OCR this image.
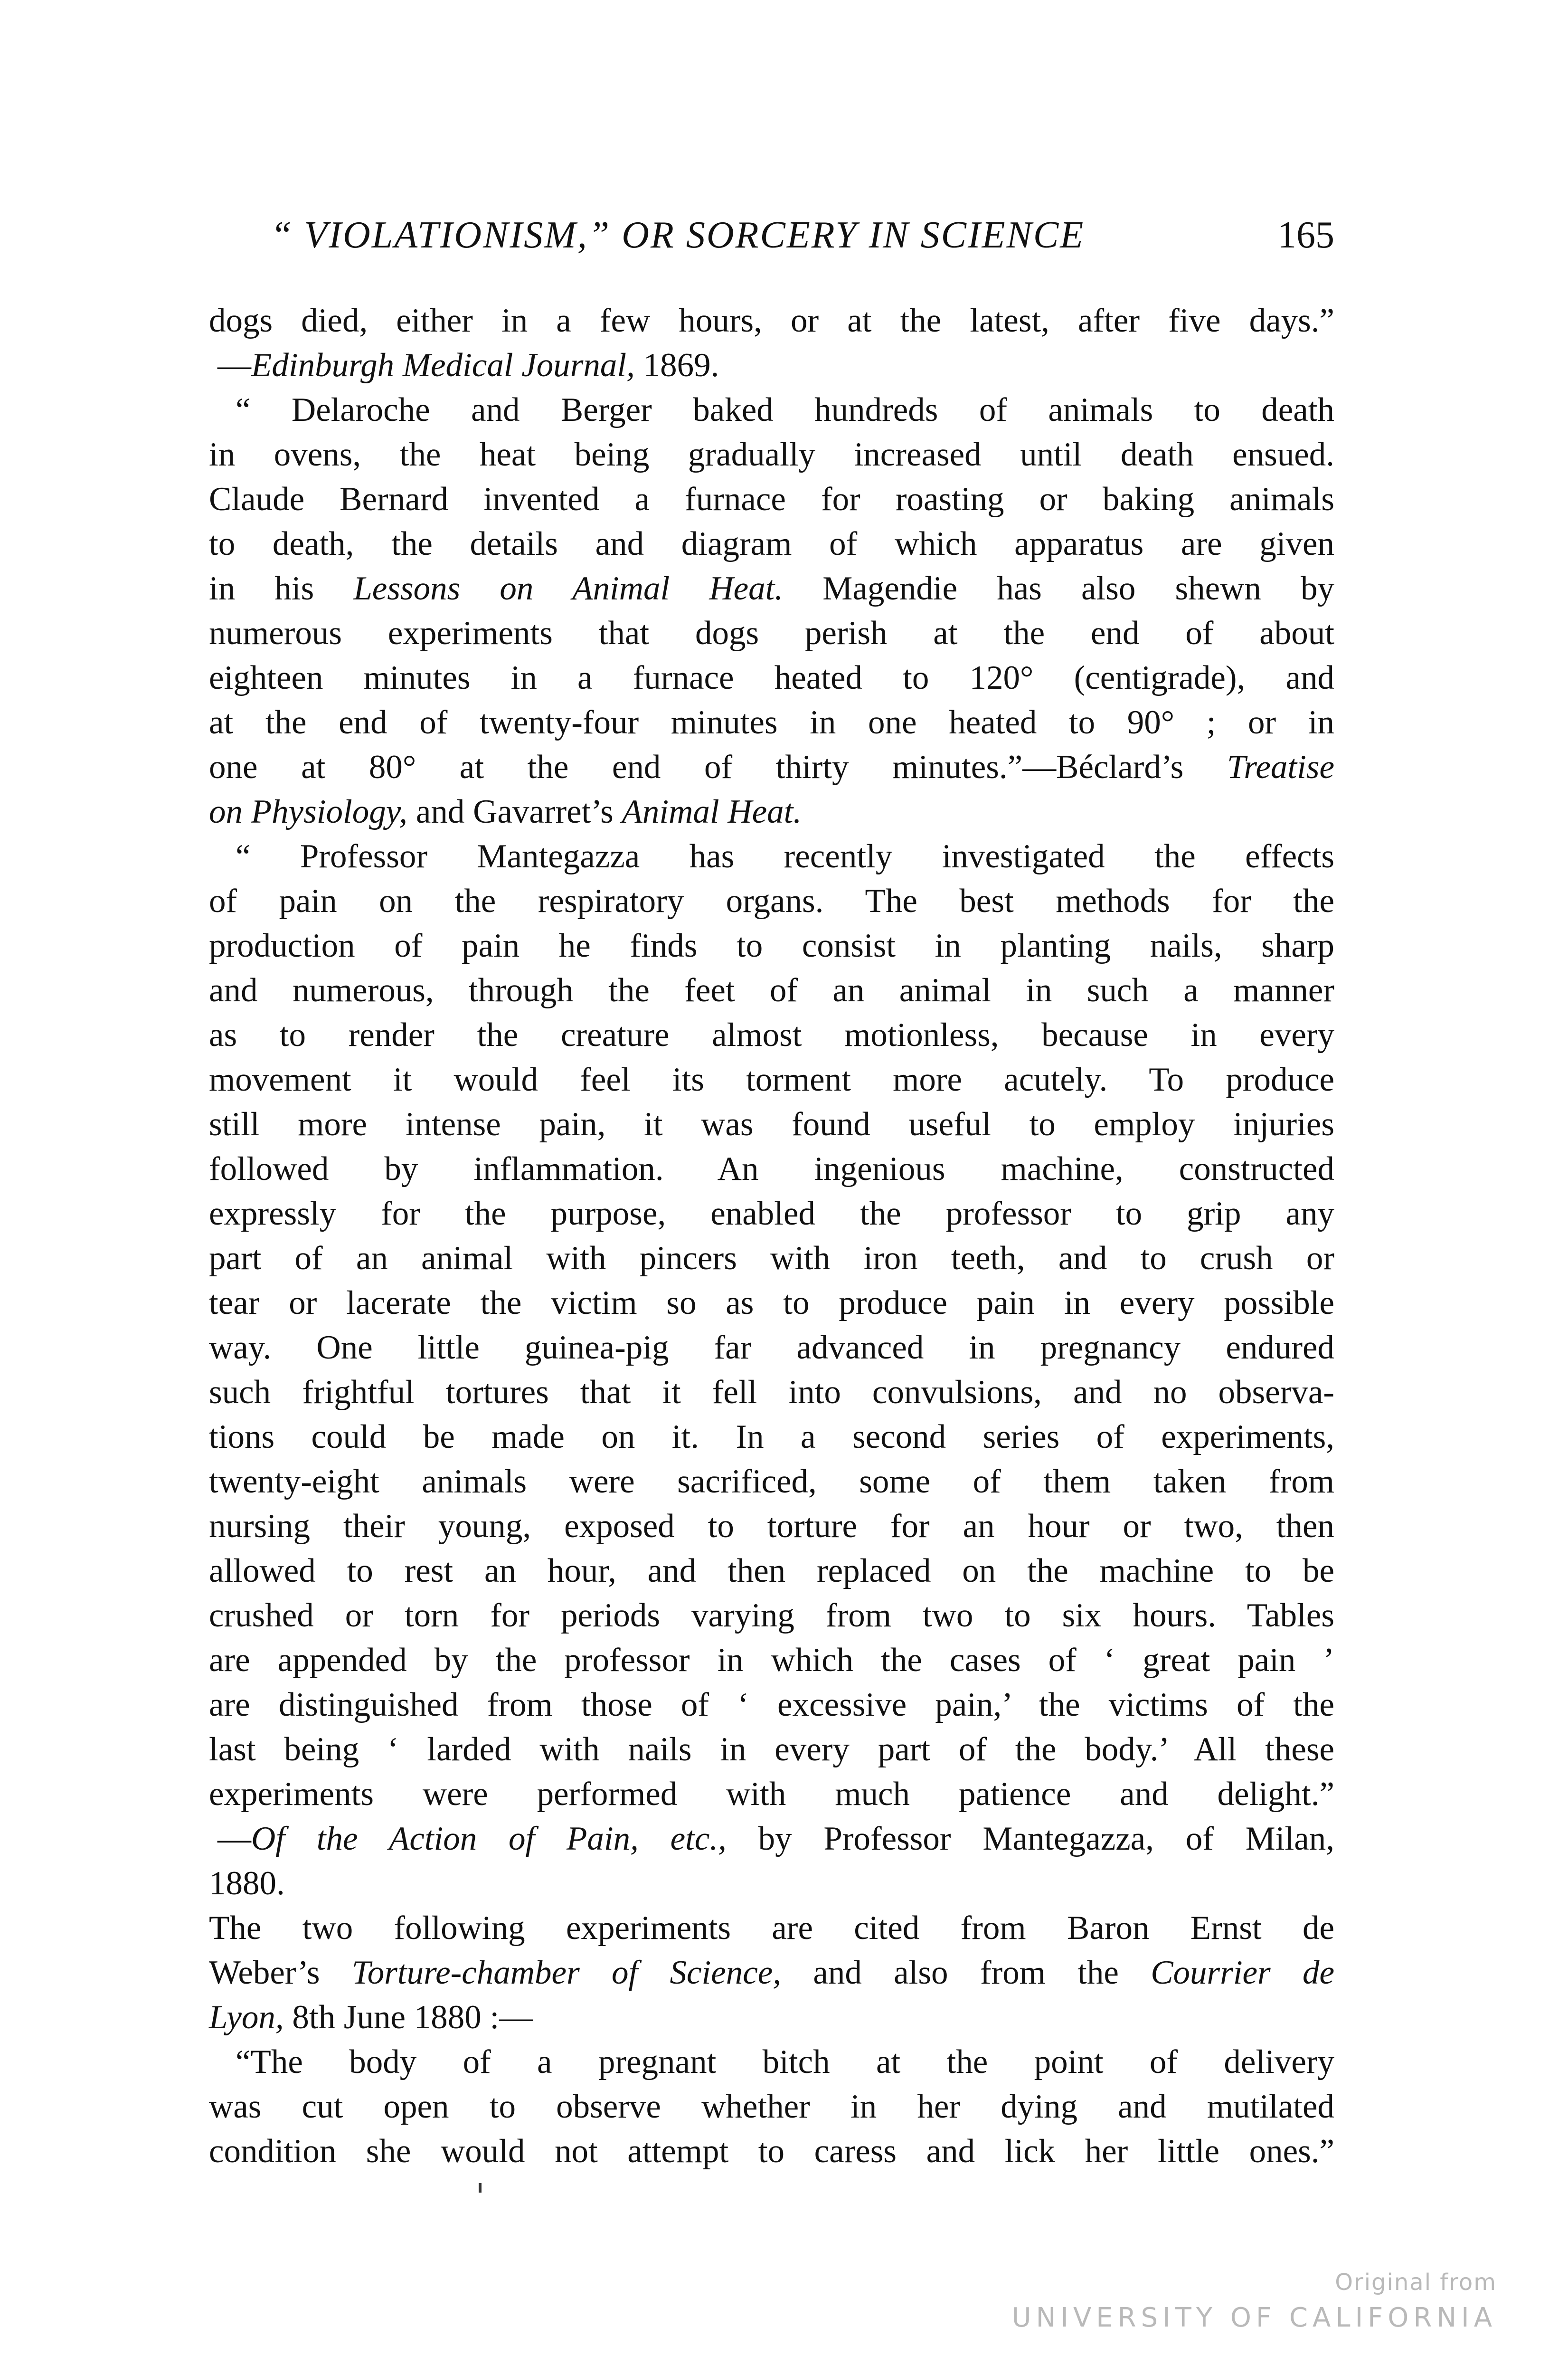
“ VIOLATIONISM,” OR SORCERY IN SCIENCE	165
dogs died, either in a few hours, or at the latest, after five days.”
—Edinburgh Medical Journal, 1869.
“ Delaroche and Berger baked hundreds of animals to death
in ovens, the heat being gradually increased until death ensued.
Claude Bernard invented a furnace for roasting or baking animals
to death, the details and diagram of which apparatus are given
in his Lessons on Animal Heat. Magendie has also shewn by
numerous experiments that dogs perish at the end of about
eighteen minutes in a furnace heated to 120° (centigrade), and
at the end of twenty-four minutes in one heated to 90° ; or in
one at 80° at the end of thirty minutes.”—Béclard’s Treatise
on Physiology, and Gavarret’s Animal Heat.
“ Professor Mantegazza has recently investigated the effects
of pain on the respiratory organs. The best methods for the
production of pain he finds to consist in planting nails, sharp
and numerous, through the feet of an animal in such a manner
as to render the creature almost motionless, because in every
movement it would feel its torment more acutely. To produce
still more intense pain, it was found useful to employ injuries
followed by inflammation. An ingenious machine, constructed
expressly for the purpose, enabled the professor to grip any
part of an animal with pincers with iron teeth, and to crush or
tear or lacerate the victim so as to produce pain in every possible
way. One little guinea-pig far advanced in pregnancy endured
such frightful tortures that it fell into convulsions, and no observa-
tions could be made on it. In a second series of experiments,
twenty-eight animals were sacrificed, some of them taken from
nursing their young, exposed to torture for an hour or two, then
allowed to rest an hour, and then replaced on the machine to be
crushed or torn for periods varying from two to six hours. Tables
are appended by the professor in which the cases of ‘ great pain ’
are distinguished from those of ‘ excessive pain,’ the victims of the
last being ‘ larded with nails in every part of the body.’ All these
experiments were performed with much patience and delight.”
—Of the Action of Pain, etc., by Professor Mantegazza, of Milan,
1880.
The two following experiments are cited from Baron Ernst de
Weber’s Torture-chamber of Science, and also from the Courrier de
Lyon, 8th June 1880 :—
“The body of a pregnant bitch at the point of delivery
was cut open to observe whether in her dying and mutilated
condition she would not attempt to caress and lick her little ones.”
Original from
UNIVERSITY OF CALIFORNIA
